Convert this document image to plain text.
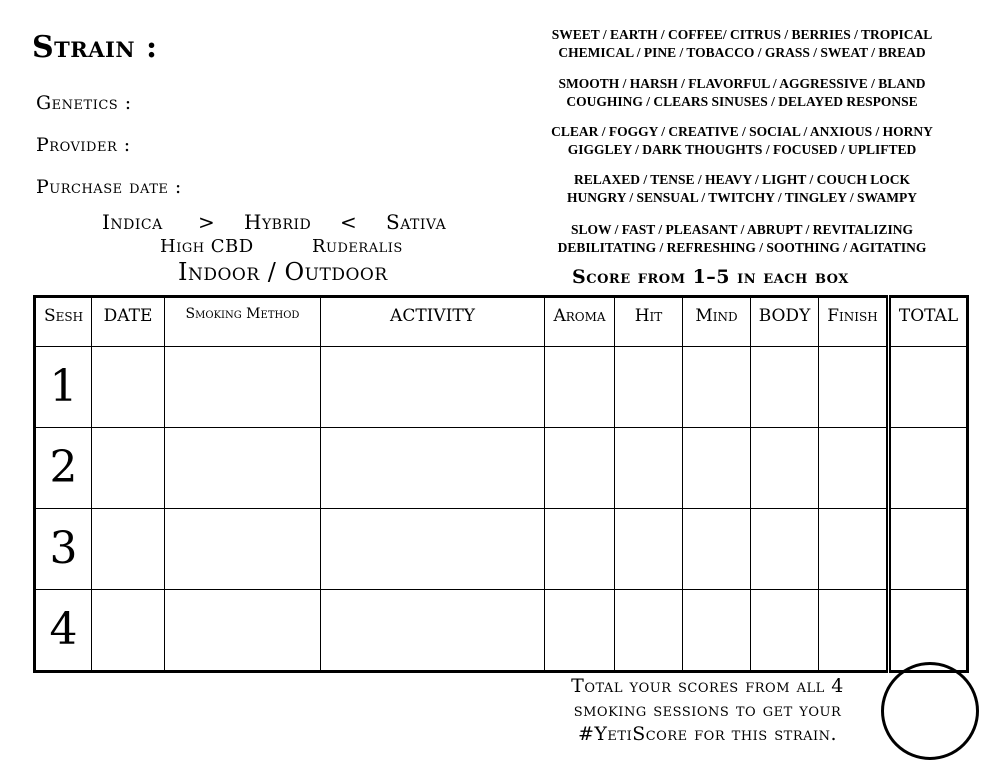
Strain :
Genetics :
Provider :
Purchase date :
Indica > Hybrid < Sativa
High CBD	Ruderalis
Indoor / Outdoor
SWEET / EARTH / COFFEE/ CITRUS / BERRIES / TROPICAL
CHEMICAL / PINE / TOBACCO / GRASS / SWEAT / BREAD
SMOOTH / HARSH / FLAVORFUL / AGGRESSIVE / BLAND
COUGHING / CLEARS SINUSES / DELAYED RESPONSE
CLEAR / FOGGY / CREATIVE / SOCIAL / ANXIOUS / HORNY
GIGGLEY / DARK THOUGHTS / FOCUSED / UPLIFTED
RELAXED / TENSE / HEAVY / LIGHT / COUCH LOCK
HUNGRY / SENSUAL / TWITCHY / TINGLEY / SWAMPY
SLOW / FAST / PLEASANT / ABRUPT / REVITALIZING
DEBILITATING / REFRESHING / SOOTHING / AGITATING
Score from 1–5 in each box
Sesh	DATE	Smoking Method	ACTIVITY	Aroma	Hit	Mind	BODY	Finish	TOTAL
1									
2									
3									
4									
Total your scores from all 4
smoking sessions to get your
#YetiScore for this strain.
